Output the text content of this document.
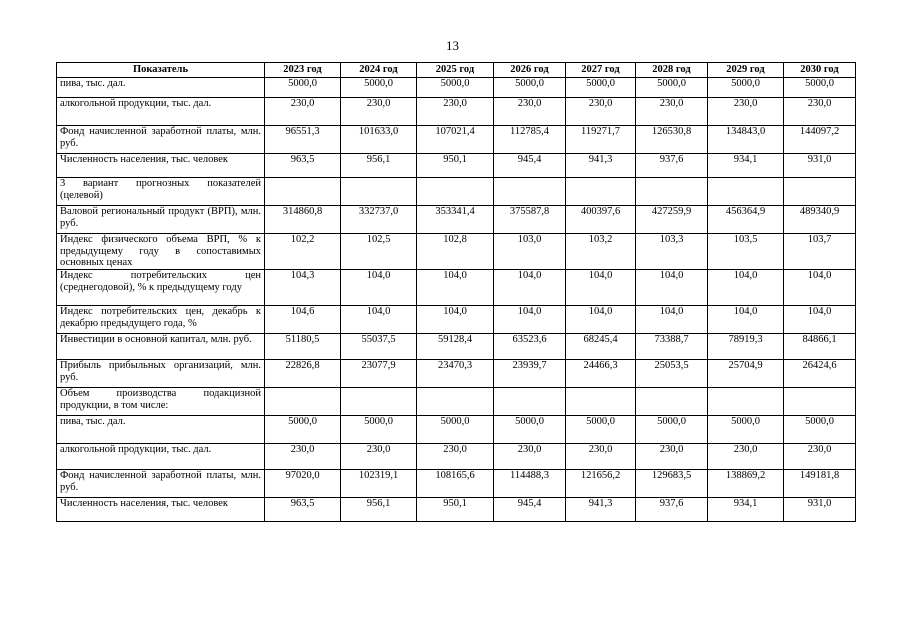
13
Показатель	2023 год	2024 год	2025 год	2026 год	2027 год	2028 год	2029 год	2030 год
пива, тыс. дал.	5000,0	5000,0	5000,0	5000,0	5000,0	5000,0	5000,0	5000,0
алкогольной продукции, тыс. дал.	230,0	230,0	230,0	230,0	230,0	230,0	230,0	230,0
Фонд начисленной заработной платы, млн. руб.	96551,3	101633,0	107021,4	112785,4	119271,7	126530,8	134843,0	144097,2
Численность населения, тыс. человек	963,5	956,1	950,1	945,4	941,3	937,6	934,1	931,0
3 вариант прогнозных показателей (целевой)								
Валовой региональный продукт (ВРП), млн. руб.	314860,8	332737,0	353341,4	375587,8	400397,6	427259,9	456364,9	489340,9
Индекс физического объема ВРП, % к предыдущему году в сопоставимых основных ценах	102,2	102,5	102,8	103,0	103,2	103,3	103,5	103,7
Индекс потребительских цен (среднегодовой), % к предыдущему году	104,3	104,0	104,0	104,0	104,0	104,0	104,0	104,0
Индекс потребительских цен, декабрь к декабрю предыдущего года, %	104,6	104,0	104,0	104,0	104,0	104,0	104,0	104,0
Инвестиции в основной капитал, млн. руб.	51180,5	55037,5	59128,4	63523,6	68245,4	73388,7	78919,3	84866,1
Прибыль прибыльных организаций, млн. руб.	22826,8	23077,9	23470,3	23939,7	24466,3	25053,5	25704,9	26424,6
Объем производства подакцизной продукции, в том числе:								
пива, тыс. дал.	5000,0	5000,0	5000,0	5000,0	5000,0	5000,0	5000,0	5000,0
алкогольной продукции, тыс. дал.	230,0	230,0	230,0	230,0	230,0	230,0	230,0	230,0
Фонд начисленной заработной платы, млн. руб.	97020,0	102319,1	108165,6	114488,3	121656,2	129683,5	138869,2	149181,8
Численность населения, тыс. человек	963,5	956,1	950,1	945,4	941,3	937,6	934,1	931,0
